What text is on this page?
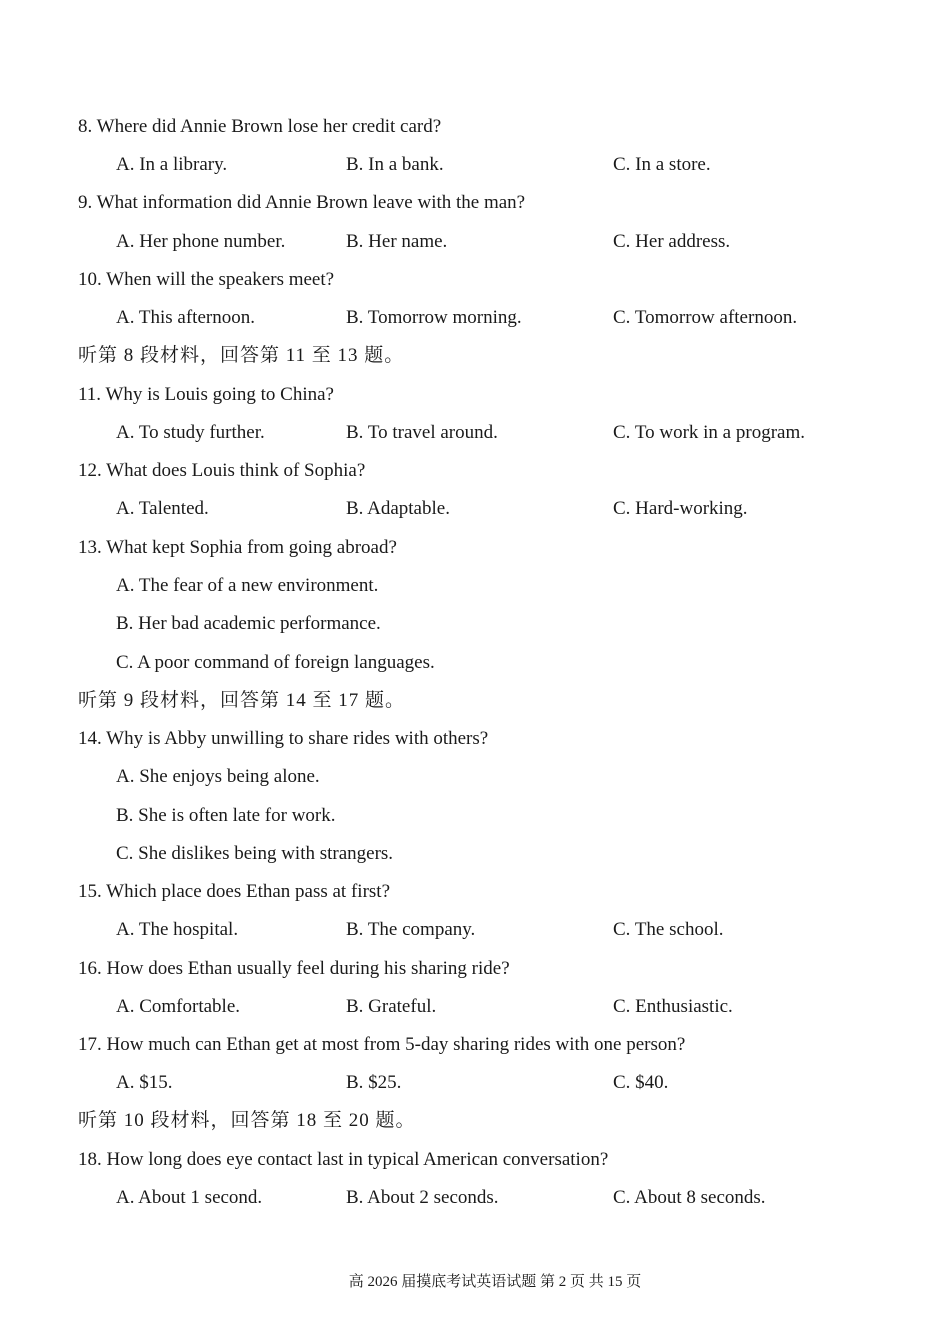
8. Where did Annie Brown lose her credit card?
A. In a library.	B. In a bank.	C. In a store.
9. What information did Annie Brown leave with the man?
A. Her phone number.	B. Her name.	C. Her address.
10. When will the speakers meet?
A. This afternoon.	B. Tomorrow morning.	C. Tomorrow afternoon.
听第 8 段材料，回答第 11 至 13 题。
11. Why is Louis going to China?
A. To study further.	B. To travel around.	C. To work in a program.
12. What does Louis think of Sophia?
A. Talented.	B. Adaptable.	C. Hard-working.
13. What kept Sophia from going abroad?
A. The fear of a new environment.
B. Her bad academic performance.
C. A poor command of foreign languages.
听第 9 段材料，回答第 14 至 17 题。
14. Why is Abby unwilling to share rides with others?
A. She enjoys being alone.
B. She is often late for work.
C. She dislikes being with strangers.
15. Which place does Ethan pass at first?
A. The hospital.	B. The company.	C. The school.
16. How does Ethan usually feel during his sharing ride?
A. Comfortable.	B. Grateful.	C. Enthusiastic.
17. How much can Ethan get at most from 5-day sharing rides with one person?
A. $15.	B. $25.	C. $40.
听第 10 段材料，回答第 18 至 20 题。
18. How long does eye contact last in typical American conversation?
A. About 1 second.	B. About 2 seconds.	C. About 8 seconds.
高 2026 届摸底考试英语试题 第 2 页 共 15 页
